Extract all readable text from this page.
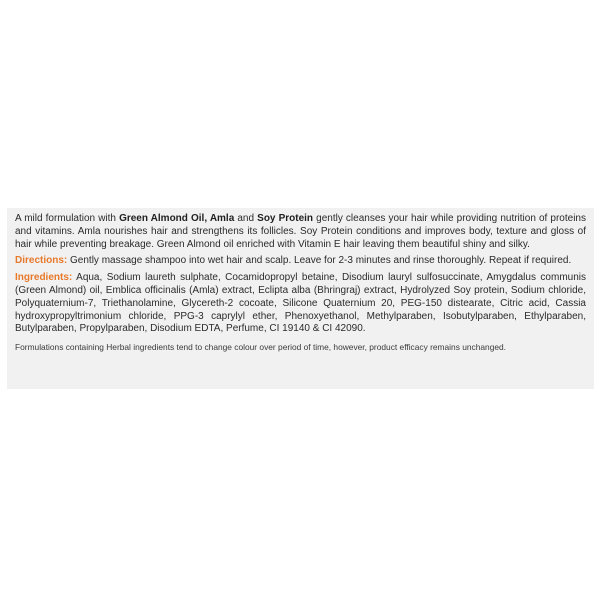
A mild formulation with Green Almond Oil, Amla and Soy Protein gently cleanses your hair while providing nutrition of proteins and vitamins. Amla nourishes hair and strengthens its follicles. Soy Protein conditions and improves body, texture and gloss of hair while preventing breakage. Green Almond oil enriched with Vitamin E hair leaving them beautiful shiny and silky.

Directions: Gently massage shampoo into wet hair and scalp. Leave for 2-3 minutes and rinse thoroughly. Repeat if required.

Ingredients: Aqua, Sodium laureth sulphate, Cocamidopropyl betaine, Disodium lauryl sulfosuccinate, Amygdalus communis (Green Almond) oil, Emblica officinalis (Amla) extract, Eclipta alba (Bhringraj) extract, Hydrolyzed Soy protein, Sodium chloride, Polyquaternium-7, Triethanolamine, Glycereth-2 cocoate, Silicone Quaternium 20, PEG-150 distearate, Citric acid, Cassia hydroxypropyltrimonium chloride, PPG-3 caprylyl ether, Phenoxyethanol, Methylparaben, Isobutylparaben, Ethylparaben, Butylparaben, Propylparaben, Disodium EDTA, Perfume, CI 19140 & CI 42090.

Formulations containing Herbal ingredients tend to change colour over period of time, however, product efficacy remains unchanged.
